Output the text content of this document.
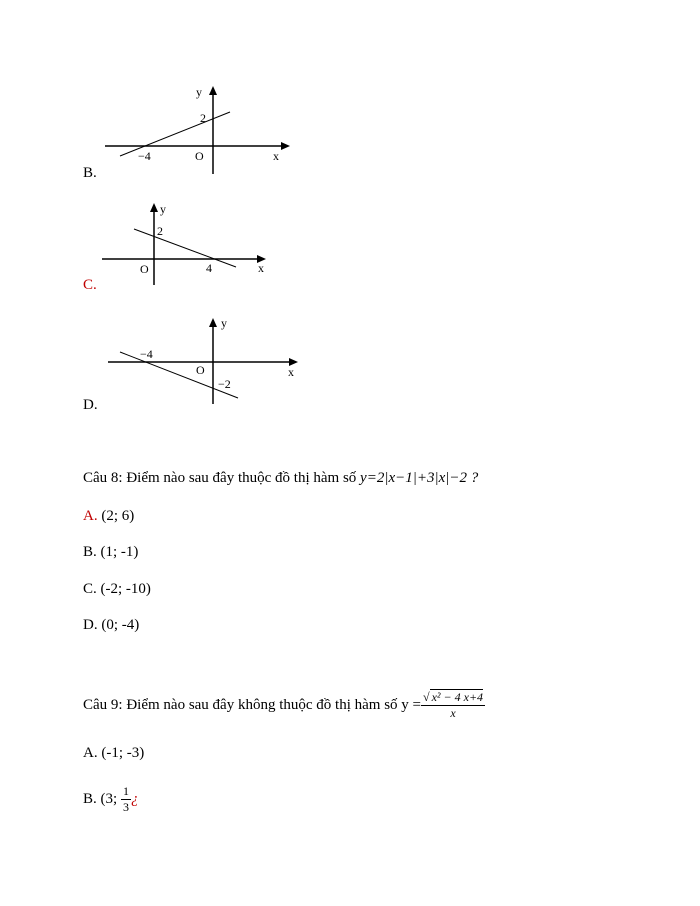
y
x
O
2
−4
B.
y
x
O
2
4
C.
y
x
O
−2
−4
D.
Câu 8: Điểm nào sau đây thuộc đồ thị hàm số y=2|x−1|+3|x|−2 ?
A. (2; 6)
B. (1; -1)
C. (-2; -10)
D. (0; -4)
Câu 9: Điểm nào sau đây không thuộc đồ thị hàm số $y = \frac{\text{√ x² − 4 x+4}}{x}$
A. (-1; -3)
B. (3; $\frac{1}{3}$ ¿
